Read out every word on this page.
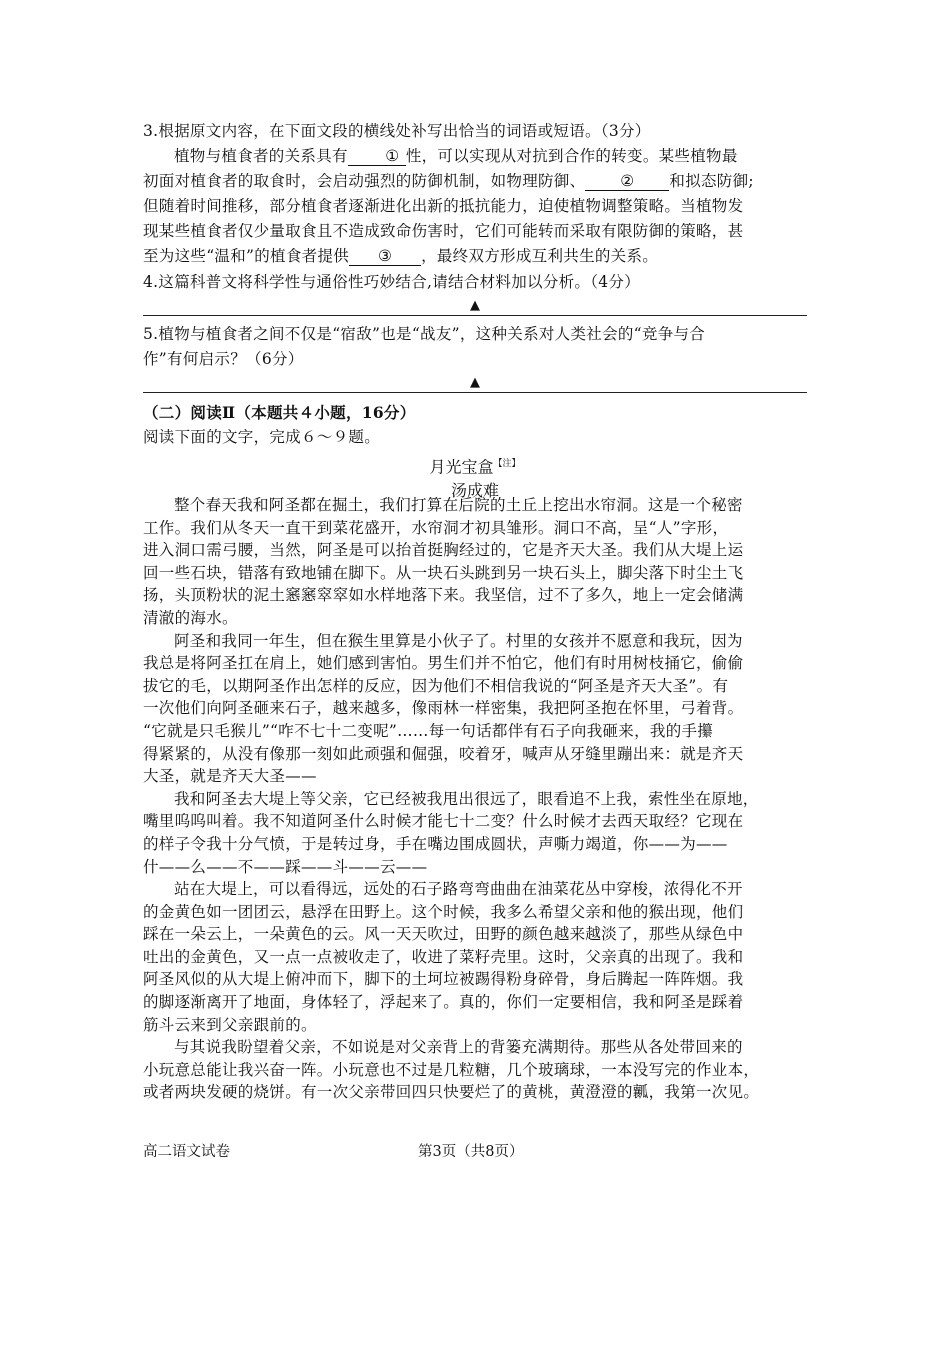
3.根据原文内容，在下面文段的横线处补写出恰当的词语或短语。（3分）
植物与植食者的关系具有 ① 性，可以实现从对抗到合作的转变。某些植物最
初面对植食者的取食时，会启动强烈的防御机制，如物理防御、 ② 和拟态防御;
但随着时间推移，部分植食者逐渐进化出新的抵抗能力，迫使植物调整策略。当植物发
现某些植食者仅少量取食且不造成致命伤害时，它们可能转而采取有限防御的策略，甚
至为这些“温和”的植食者提供 ③ ，最终双方形成互利共生的关系。
4.这篇科普文将科学性与通俗性巧妙结合,请结合材料加以分析。（4分）
▲
5.植物与植食者之间不仅是“宿敌”也是“战友”，这种关系对人类社会的“竞争与合
作”有何启示？（6分）
▲
（二）阅读Ⅱ（本题共４小题，16分）
阅读下面的文字，完成６～９题。
月光宝盒$^{【注】}$
汤成难
整个春天我和阿圣都在掘土，我们打算在后院的土丘上挖出水帘洞。这是一个秘密
工作。我们从冬天一直干到菜花盛开，水帘洞才初具雏形。洞口不高，呈“人”字形，
进入洞口需弓腰，当然，阿圣是可以抬首挺胸经过的，它是齐天大圣。我们从大堤上运
回一些石块，错落有致地铺在脚下。从一块石头跳到另一块石头上，脚尖落下时尘土飞
扬，头顶粉状的泥土窸窸窣窣如水样地落下来。我坚信，过不了多久，地上一定会储满
清澈的海水。
阿圣和我同一年生，但在猴生里算是小伙子了。村里的女孩并不愿意和我玩，因为
我总是将阿圣扛在肩上，她们感到害怕。男生们并不怕它，他们有时用树枝捅它，偷偷
拔它的毛，以期阿圣作出怎样的反应，因为他们不相信我说的“阿圣是齐天大圣”。有
一次他们向阿圣砸来石子，越来越多，像雨林一样密集，我把阿圣抱在怀里，弓着背。
“它就是只毛猴儿”“咋不七十二变呢”……每一句话都伴有石子向我砸来，我的手攥
得紧紧的，从没有像那一刻如此顽强和倔强，咬着牙，喊声从牙缝里蹦出来：就是齐天
大圣，就是齐天大圣——
我和阿圣去大堤上等父亲，它已经被我甩出很远了，眼看追不上我，索性坐在原地，
嘴里呜呜叫着。我不知道阿圣什么时候才能七十二变？什么时候才去西天取经？它现在
的样子令我十分气愤，于是转过身，手在嘴边围成圆状，声嘶力竭道，你——为——
什——么——不——踩——斗——云——
站在大堤上，可以看得远，远处的石子路弯弯曲曲在油菜花丛中穿梭，浓得化不开
的金黄色如一团团云，悬浮在田野上。这个时候，我多么希望父亲和他的猴出现，他们
踩在一朵云上，一朵黄色的云。风一天天吹过，田野的颜色越来越淡了，那些从绿色中
吐出的金黄色，又一点一点被收走了，收进了菜籽壳里。这时，父亲真的出现了。我和
阿圣风似的从大堤上俯冲而下，脚下的土坷垃被踢得粉身碎骨，身后腾起一阵阵烟。我
的脚逐渐离开了地面，身体轻了，浮起来了。真的，你们一定要相信，我和阿圣是踩着
筋斗云来到父亲跟前的。
与其说我盼望着父亲，不如说是对父亲背上的背篓充满期待。那些从各处带回来的
小玩意总能让我兴奋一阵。小玩意也不过是几粒糖，几个玻璃球，一本没写完的作业本，
或者两块发硬的烧饼。有一次父亲带回四只快要烂了的黄桃，黄澄澄的瓤，我第一次见。
高二语文试卷	第3页（共8页）
